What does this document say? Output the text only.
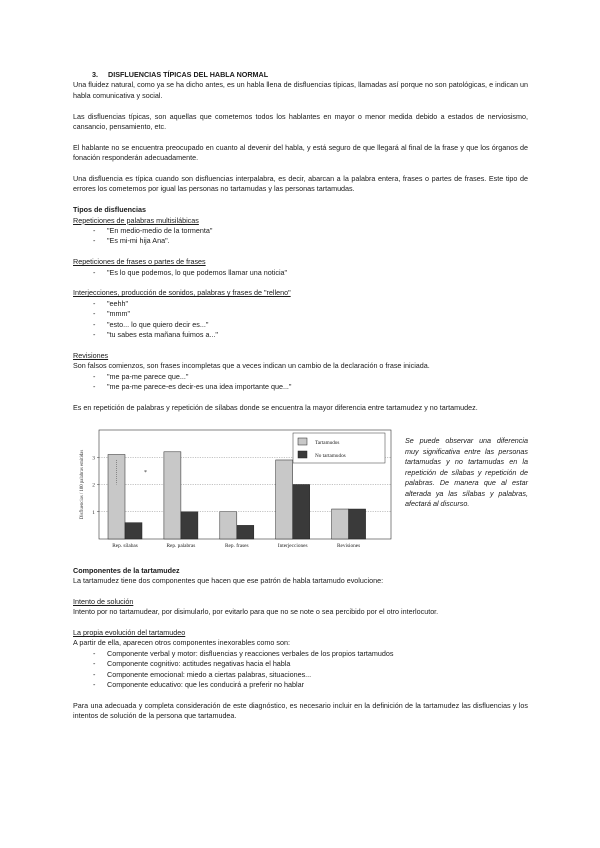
3. DISFLUENCIAS TÍPICAS DEL HABLA NORMAL

Una fluidez natural, como ya se ha dicho antes, es un habla llena de disfluencias típicas, llamadas así porque no son patológicas, e indican un habla comunicativa y social.

Las disfluencias típicas, son aquellas que cometemos todos los hablantes en mayor o menor medida debido a estados de nerviosismo, cansancio, pensamiento, etc.

El hablante no se encuentra preocupado en cuanto al devenir del habla, y está seguro de que llegará al final de la frase y que los órganos de fonación responderán adecuadamente.

Una disfluencia es típica cuando son disfluencias interpalabra, es decir, abarcan a la palabra entera, frases o partes de frases. Este tipo de errores los cometemos por igual las personas no tartamudas y las personas tartamudas.

Tipos de disfluencias

Repeticiones de palabras multisilábicas

- "En medio-medio de la tormenta"
- "Es mi-mi hija Ana".

Repeticiones de frases o partes de frases

- "Es lo que podemos, lo que podemos llamar una noticia"

Interjecciones, producción de sonidos, palabras y frases de "relleno"

- "eehh"
- "mmm"
- "esto... lo que quiero decir es..."
- "tu sabes esta mañana fuimos a..."

Revisiones

Son falsos comienzos, son frases incompletas que a veces indican un cambio de la declaración o frase iniciada.

- "me pa-me parece que..."
- "me pa-me parece-es decir-es una idea importante que..."

Es en repetición de palabras y repetición de sílabas donde se encuentra la mayor diferencia entre tartamudez y no tartamudez.

1
2
3
Disfluencias / 100 palabras emitidas
Rep. sílabas	Rep. palabras	Rep. frases	Interjecciones	Revisiones
*
Tartamudos
No tartamudos

Se puede observar una diferencia muy significativa entre las personas tartamudas y no tartamudas en la repetición de sílabas y repetición de palabras. De manera que al estar alterada ya las sílabas y palabras, afectará al discurso.

Componentes de la tartamudez

La tartamudez tiene dos componentes que hacen que ese patrón de habla tartamudo evolucione:

Intento de solución

Intento por no tartamudear, por disimularlo, por evitarlo para que no se note o sea percibido por el otro interlocutor.

La propia evolución del tartamudeo

A partir de ella, aparecen otros componentes inexorables como son:

- Componente verbal y motor: disfluencias y reacciones verbales de los propios tartamudos
- Componente cognitivo: actitudes negativas hacia el habla
- Componente emocional: miedo a ciertas palabras, situaciones...
- Componente educativo: que les conducirá a preferir no hablar

Para una adecuada y completa consideración de este diagnóstico, es necesario incluir en la definición de la tartamudez las disfluencias y los intentos de solución de la persona que tartamudea.
